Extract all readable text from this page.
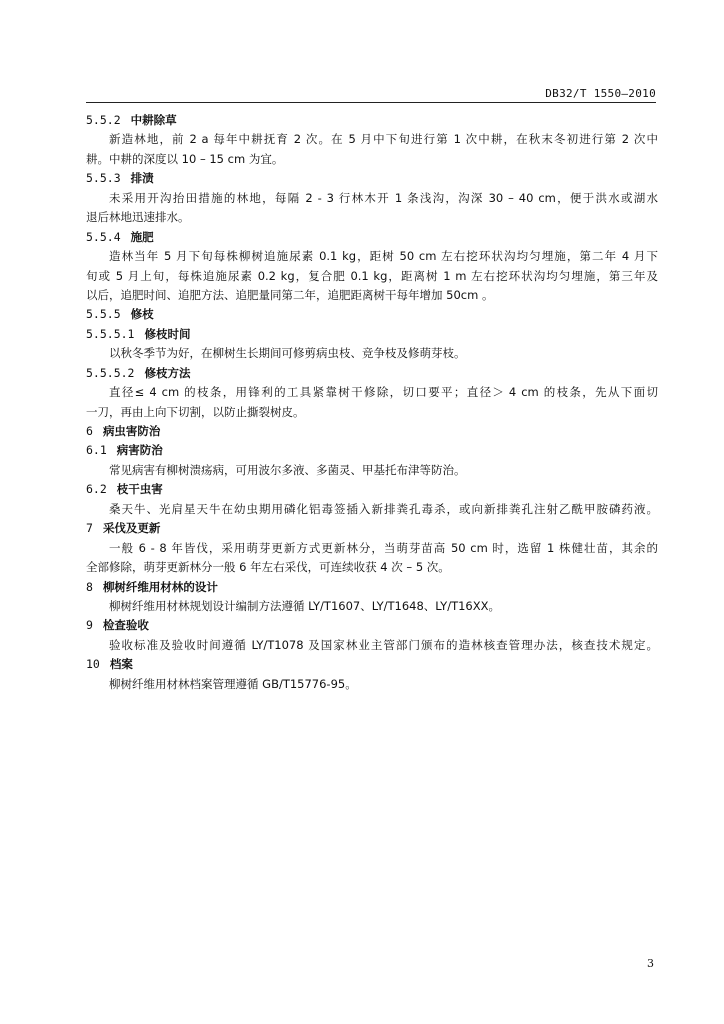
DB32/T 1550—2010
5.5.2 中耕除草
新造林地，前 2 a 每年中耕抚育 2 次。在 5 月中下旬进行第 1 次中耕，在秋末冬初进行第 2 次中
耕。中耕的深度以 10 – 15 cm 为宜。
5.5.3 排渍
未采用开沟抬田措施的林地，每隔 2 - 3 行林木开 1 条浅沟，沟深 30 – 40 cm，便于洪水或湖水
退后林地迅速排水。
5.5.4 施肥
造林当年 5 月下旬每株柳树追施尿素 0.1 kg，距树 50 cm 左右挖环状沟均匀埋施，第二年 4 月下
旬或 5 月上旬，每株追施尿素 0.2 kg，复合肥 0.1 kg，距离树 1 m 左右挖环状沟均匀埋施，第三年及
以后，追肥时间、追肥方法、追肥量同第二年，追肥距离树干每年增加 50cm 。
5.5.5 修枝
5.5.5.1 修枝时间
以秋冬季节为好，在柳树生长期间可修剪病虫枝、竞争枝及修萌芽枝。
5.5.5.2 修枝方法
直径≤ 4 cm 的枝条，用锋利的工具紧靠树干修除，切口要平；直径＞ 4 cm 的枝条，先从下面切
一刀，再由上向下切割，以防止撕裂树皮。
6 病虫害防治
6.1 病害防治
常见病害有柳树溃疡病，可用波尔多液、多菌灵、甲基托布津等防治。
6.2 枝干虫害
桑天牛、光肩星天牛在幼虫期用磷化铝毒签插入新排粪孔毒杀，或向新排粪孔注射乙酰甲胺磷药液。
7 采伐及更新
一般 6 - 8 年皆伐，采用萌芽更新方式更新林分，当萌芽苗高 50 cm 时，选留 1 株健壮苗，其余的
全部修除，萌芽更新林分一般 6 年左右采伐，可连续收获 4 次 – 5 次。
8 柳树纤维用材林的设计
柳树纤维用材林规划设计编制方法遵循 LY/T1607、LY/T1648、LY/T16XX。
9 检查验收
验收标准及验收时间遵循 LY/T1078 及国家林业主管部门颁布的造林核查管理办法，核查技术规定。
10 档案
柳树纤维用材林档案管理遵循 GB/T15776-95。
3
